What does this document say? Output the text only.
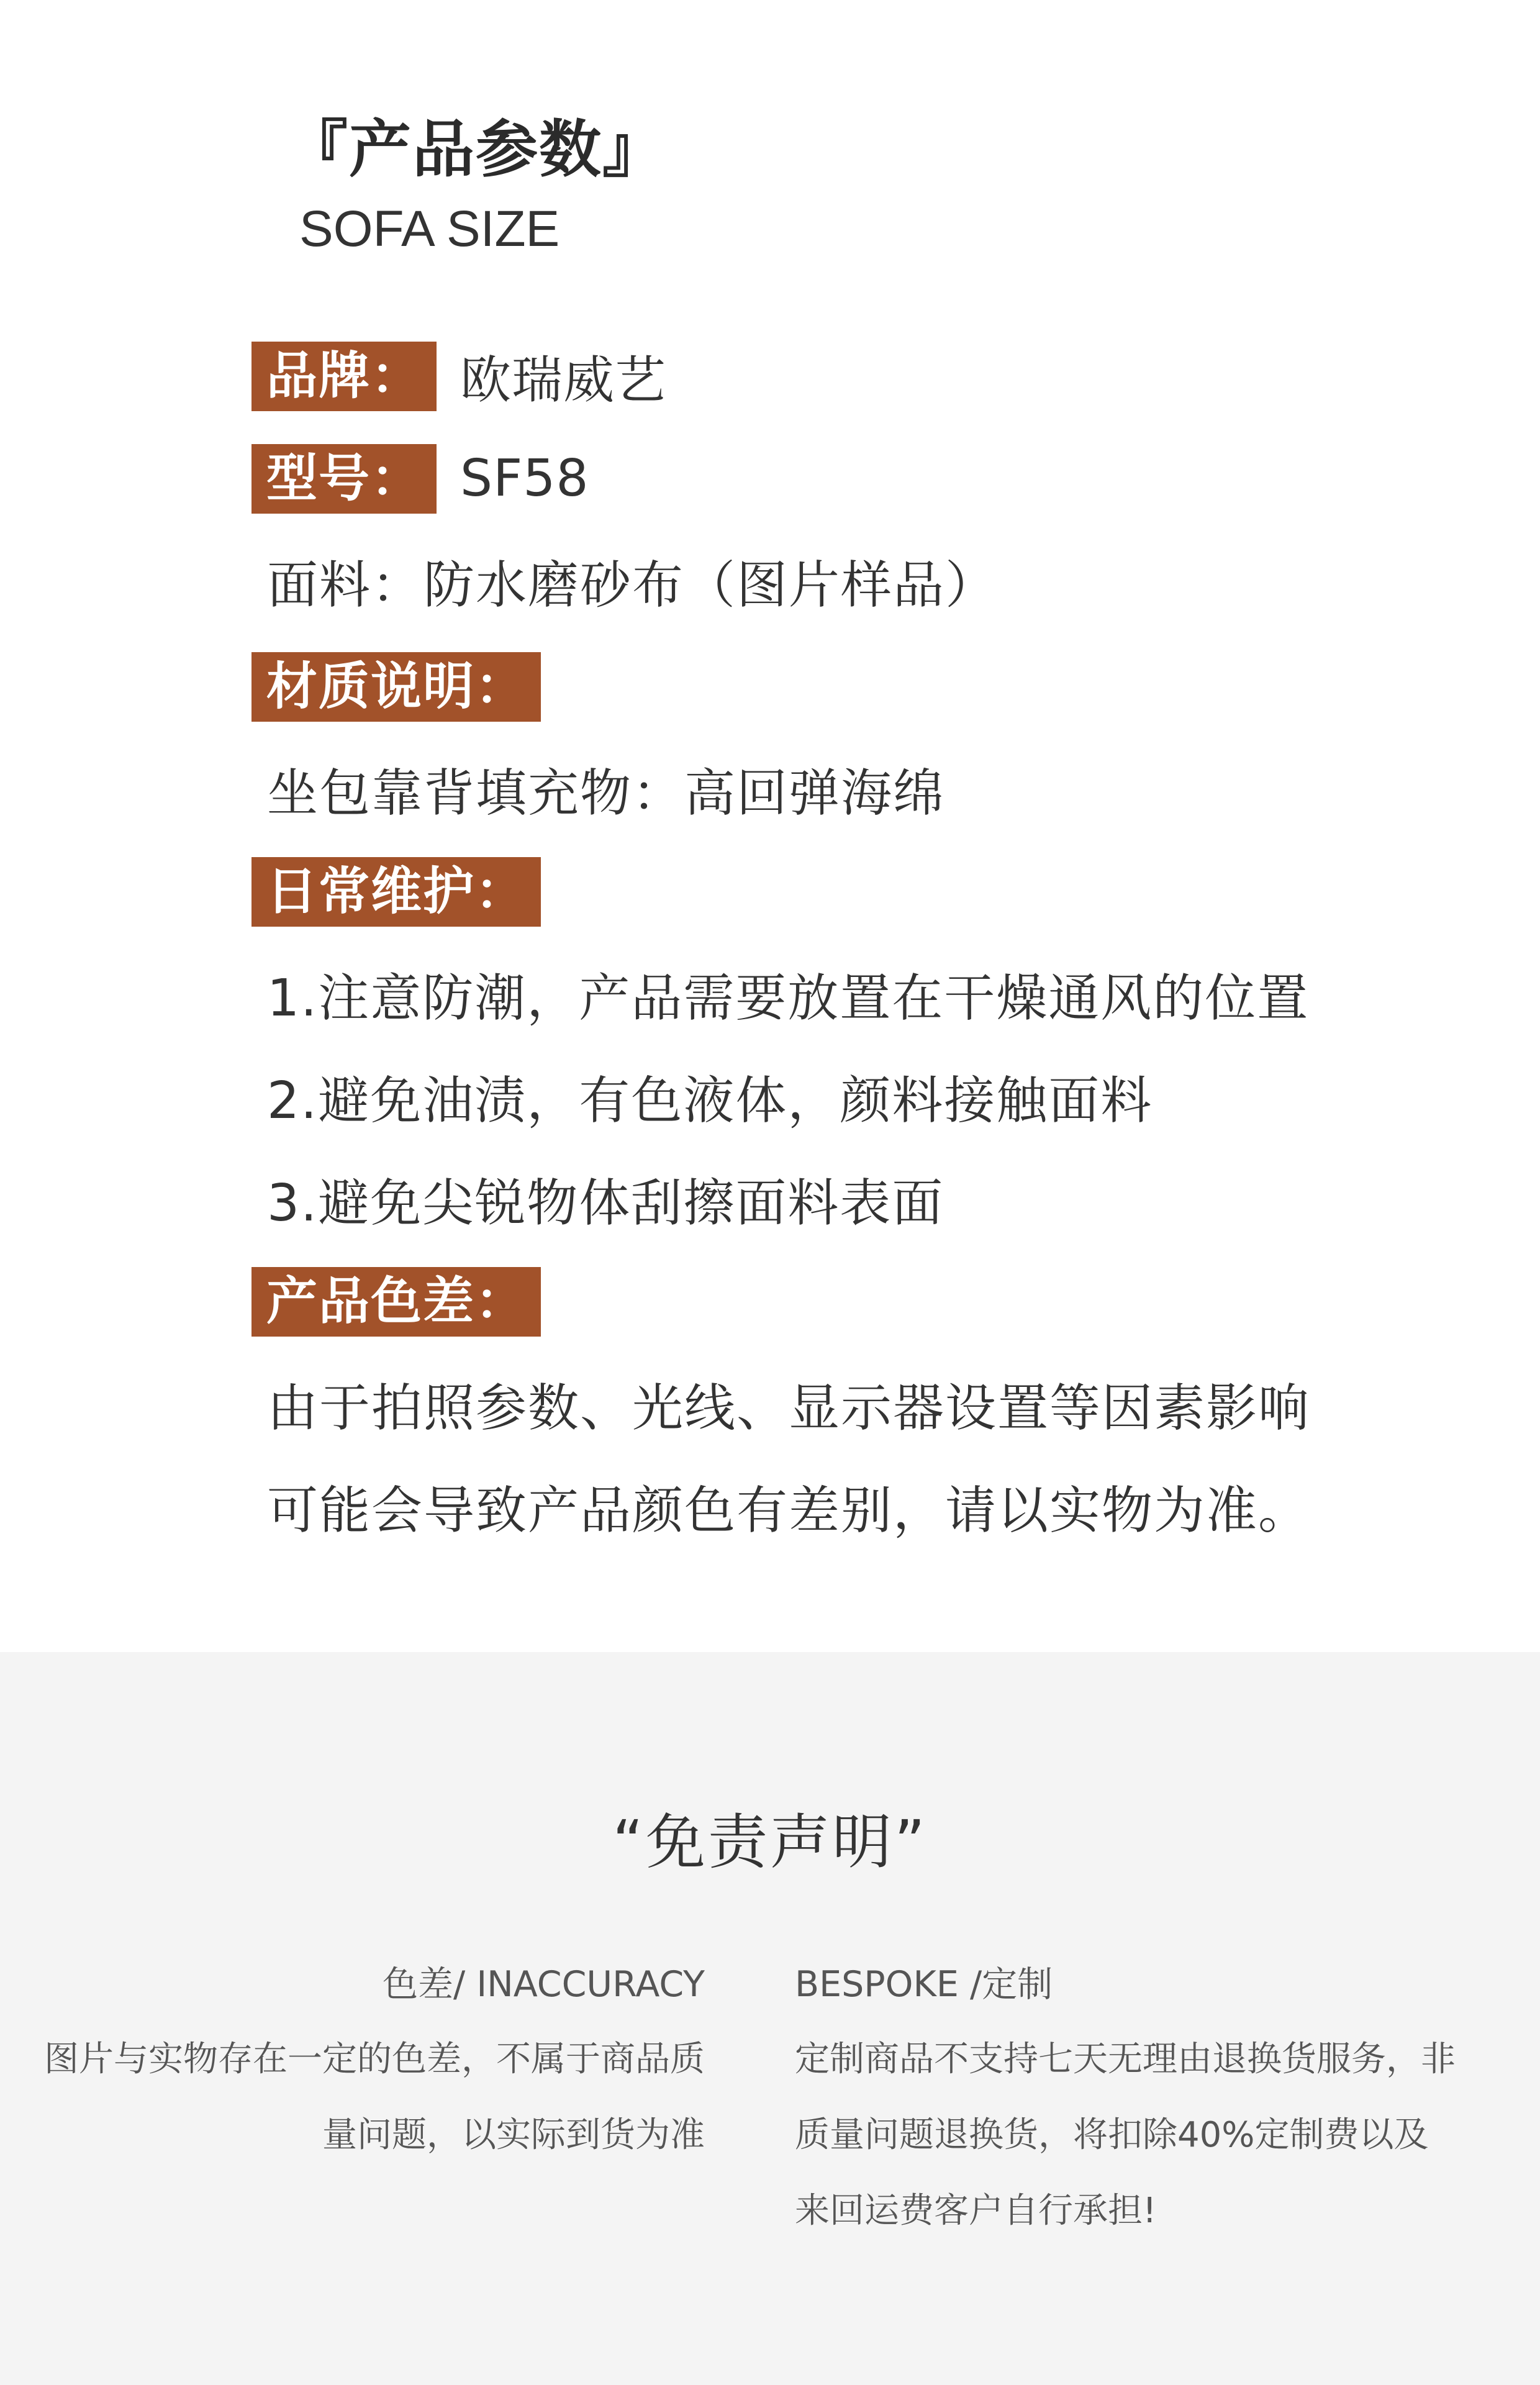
『产品参数』
SOFA SIZE
品牌： 欧瑞威艺
型号： SF58
面料：防水磨砂布（图片样品）
材质说明：
坐包靠背填充物：高回弹海绵
日常维护：
1.注意防潮，产品需要放置在干燥通风的位置
2.避免油渍，有色液体，颜料接触面料
3.避免尖锐物体刮擦面料表面
产品色差：
由于拍照参数、光线、显示器设置等因素影响
可能会导致产品颜色有差别，请以实物为准。
“免责声明”
色差/ INACCURACY
图片与实物存在一定的色差，不属于商品质
量问题，以实际到货为准
BESPOKE /定制
定制商品不支持七天无理由退换货服务，非
质量问题退换货，将扣除40%定制费以及
来回运费客户自行承担!
